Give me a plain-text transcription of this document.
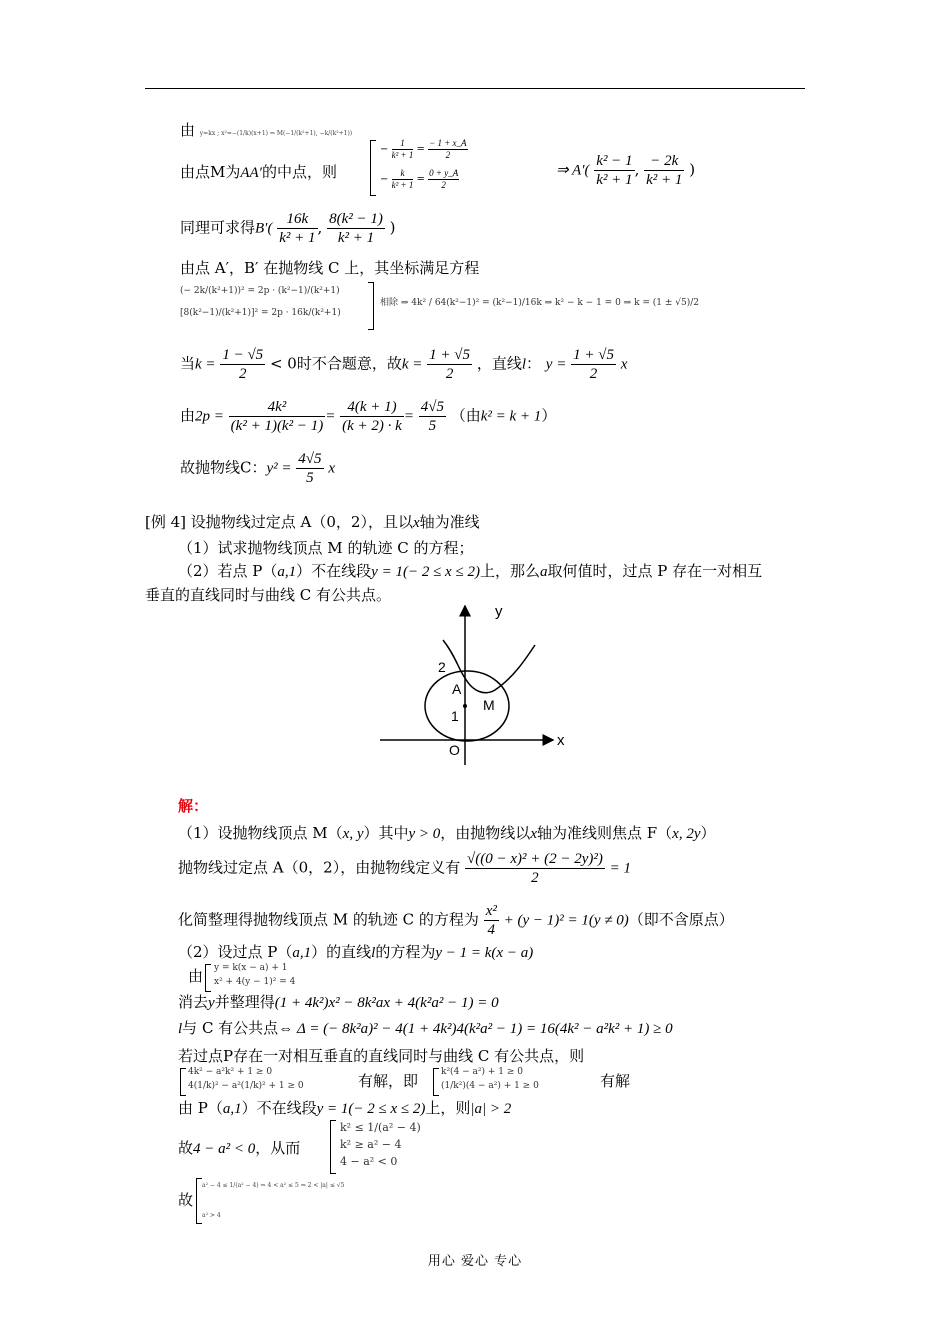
由 y=kx ; x²=−(1/k)(x+1) ⇒ M(−1/(k²+1), −k/(k²+1))
由点M为AA′的中点，则
− $\frac{1}{\text{k² + 1}} = \frac{- 1 + x\_A}{2}$
− $\frac{k}{\text{k² + 1}} = \frac{0 + y\_A}{2}$	⇒ $A'( \frac{\text{k² − 1}}{\text{k² + 1}}$ , $\frac{- 2k}{\text{k² + 1}}$ )
同理可求得$B'( \frac{16k}{\text{k² + 1}}$ , $\frac{\text{8(k² − 1)}}{\text{k² + 1}}$ )
由点 A′，B′ 在抛物线 C 上，其坐标满足方程
(− 2k/(k²+1))² = 2p · (k²−1)/(k²+1)
[8(k²−1)/(k²+1)]² = 2p · 16k/(k²+1)
相除 ⇒ 4k² / 64(k²−1)² = (k²−1)/16k ⇒ k² − k − 1 = 0 ⇒ k = (1 ± √5)/2
当$k = \frac{1 - √5}{2} < 0$时不合题意，故$k = \frac{1 + √5}{2}$ ，直线l： $y = \frac{1 + √5}{2}$ x
由$2p = \frac{\text{4k²}}{\text{(k² + 1)(k² − 1)}} = \frac{4(k + 1)}{(k + 2) \cdot k} = \frac{4√5}{5}$ （由k² = k + 1）
故抛物线C：$y^2 = \frac{4√5}{5}$ x
[例 4] 设抛物线过定点 A（0，2），且以x轴为准线
（1）试求抛物线顶点 M 的轨迹 C 的方程；
（2）若点 P（a,1）不在线段y = 1(− 2 ≤ x ≤ 2)上，那么a取何值时，过点 P 存在一对相互
垂直的直线同时与曲线 C 有公共点。
y
x
O
1
2
A
M
解：
（1）设抛物线顶点 M（x, y）其中y > 0，由抛物线以x轴为准线则焦点 F（x, 2y）
抛物线过定点 A（0，2），由抛物线定义有 $\frac{\text{√((0 − x)² + (2 − 2y)²)}}{2} = 1$
化简整理得抛物线顶点 M 的轨迹 C 的方程为 $\frac{\text{x²}}{4} + (y - 1)^2 = 1(y \ne 0)$（即不含原点）
（2）设过点 P（a,1）的直线l的方程为y − 1 = k(x − a)
由 y = k(x − a) + 1
x² + 4(y − 1)² = 4
消去y并整理得(1 + 4k²)x² − 8k²ax + 4(k²a² − 1) = 0
l与 C 有公共点⇔ Δ = (− 8k²a)² − 4(1 + 4k²)4(k²a² − 1) = 16(4k² − a²k² + 1) ≥ 0
若过点P存在一对相互垂直的直线同时与曲线 C 有公共点，则
4k² − a²k² + 1 ≥ 0
4(1/k)² − a²(1/k)² + 1 ≥ 0	有解，即	k²(4 − a²) + 1 ≥ 0
(1/k²)(4 − a²) + 1 ≥ 0	有解
由 P（a,1）不在线段y = 1(− 2 ≤ x ≤ 2)上，则|a| > 2
故4 − a² < 0，从而
k² ≤ 1/(a² − 4)
k² ≥ a² − 4
4 − a² < 0
故
a² − 4 ≤ 1/(a² − 4) ⇒ 4 < a² ≤ 5 ⇒ 2 < |a| ≤ √5
a² > 4
用心 爱心 专心
